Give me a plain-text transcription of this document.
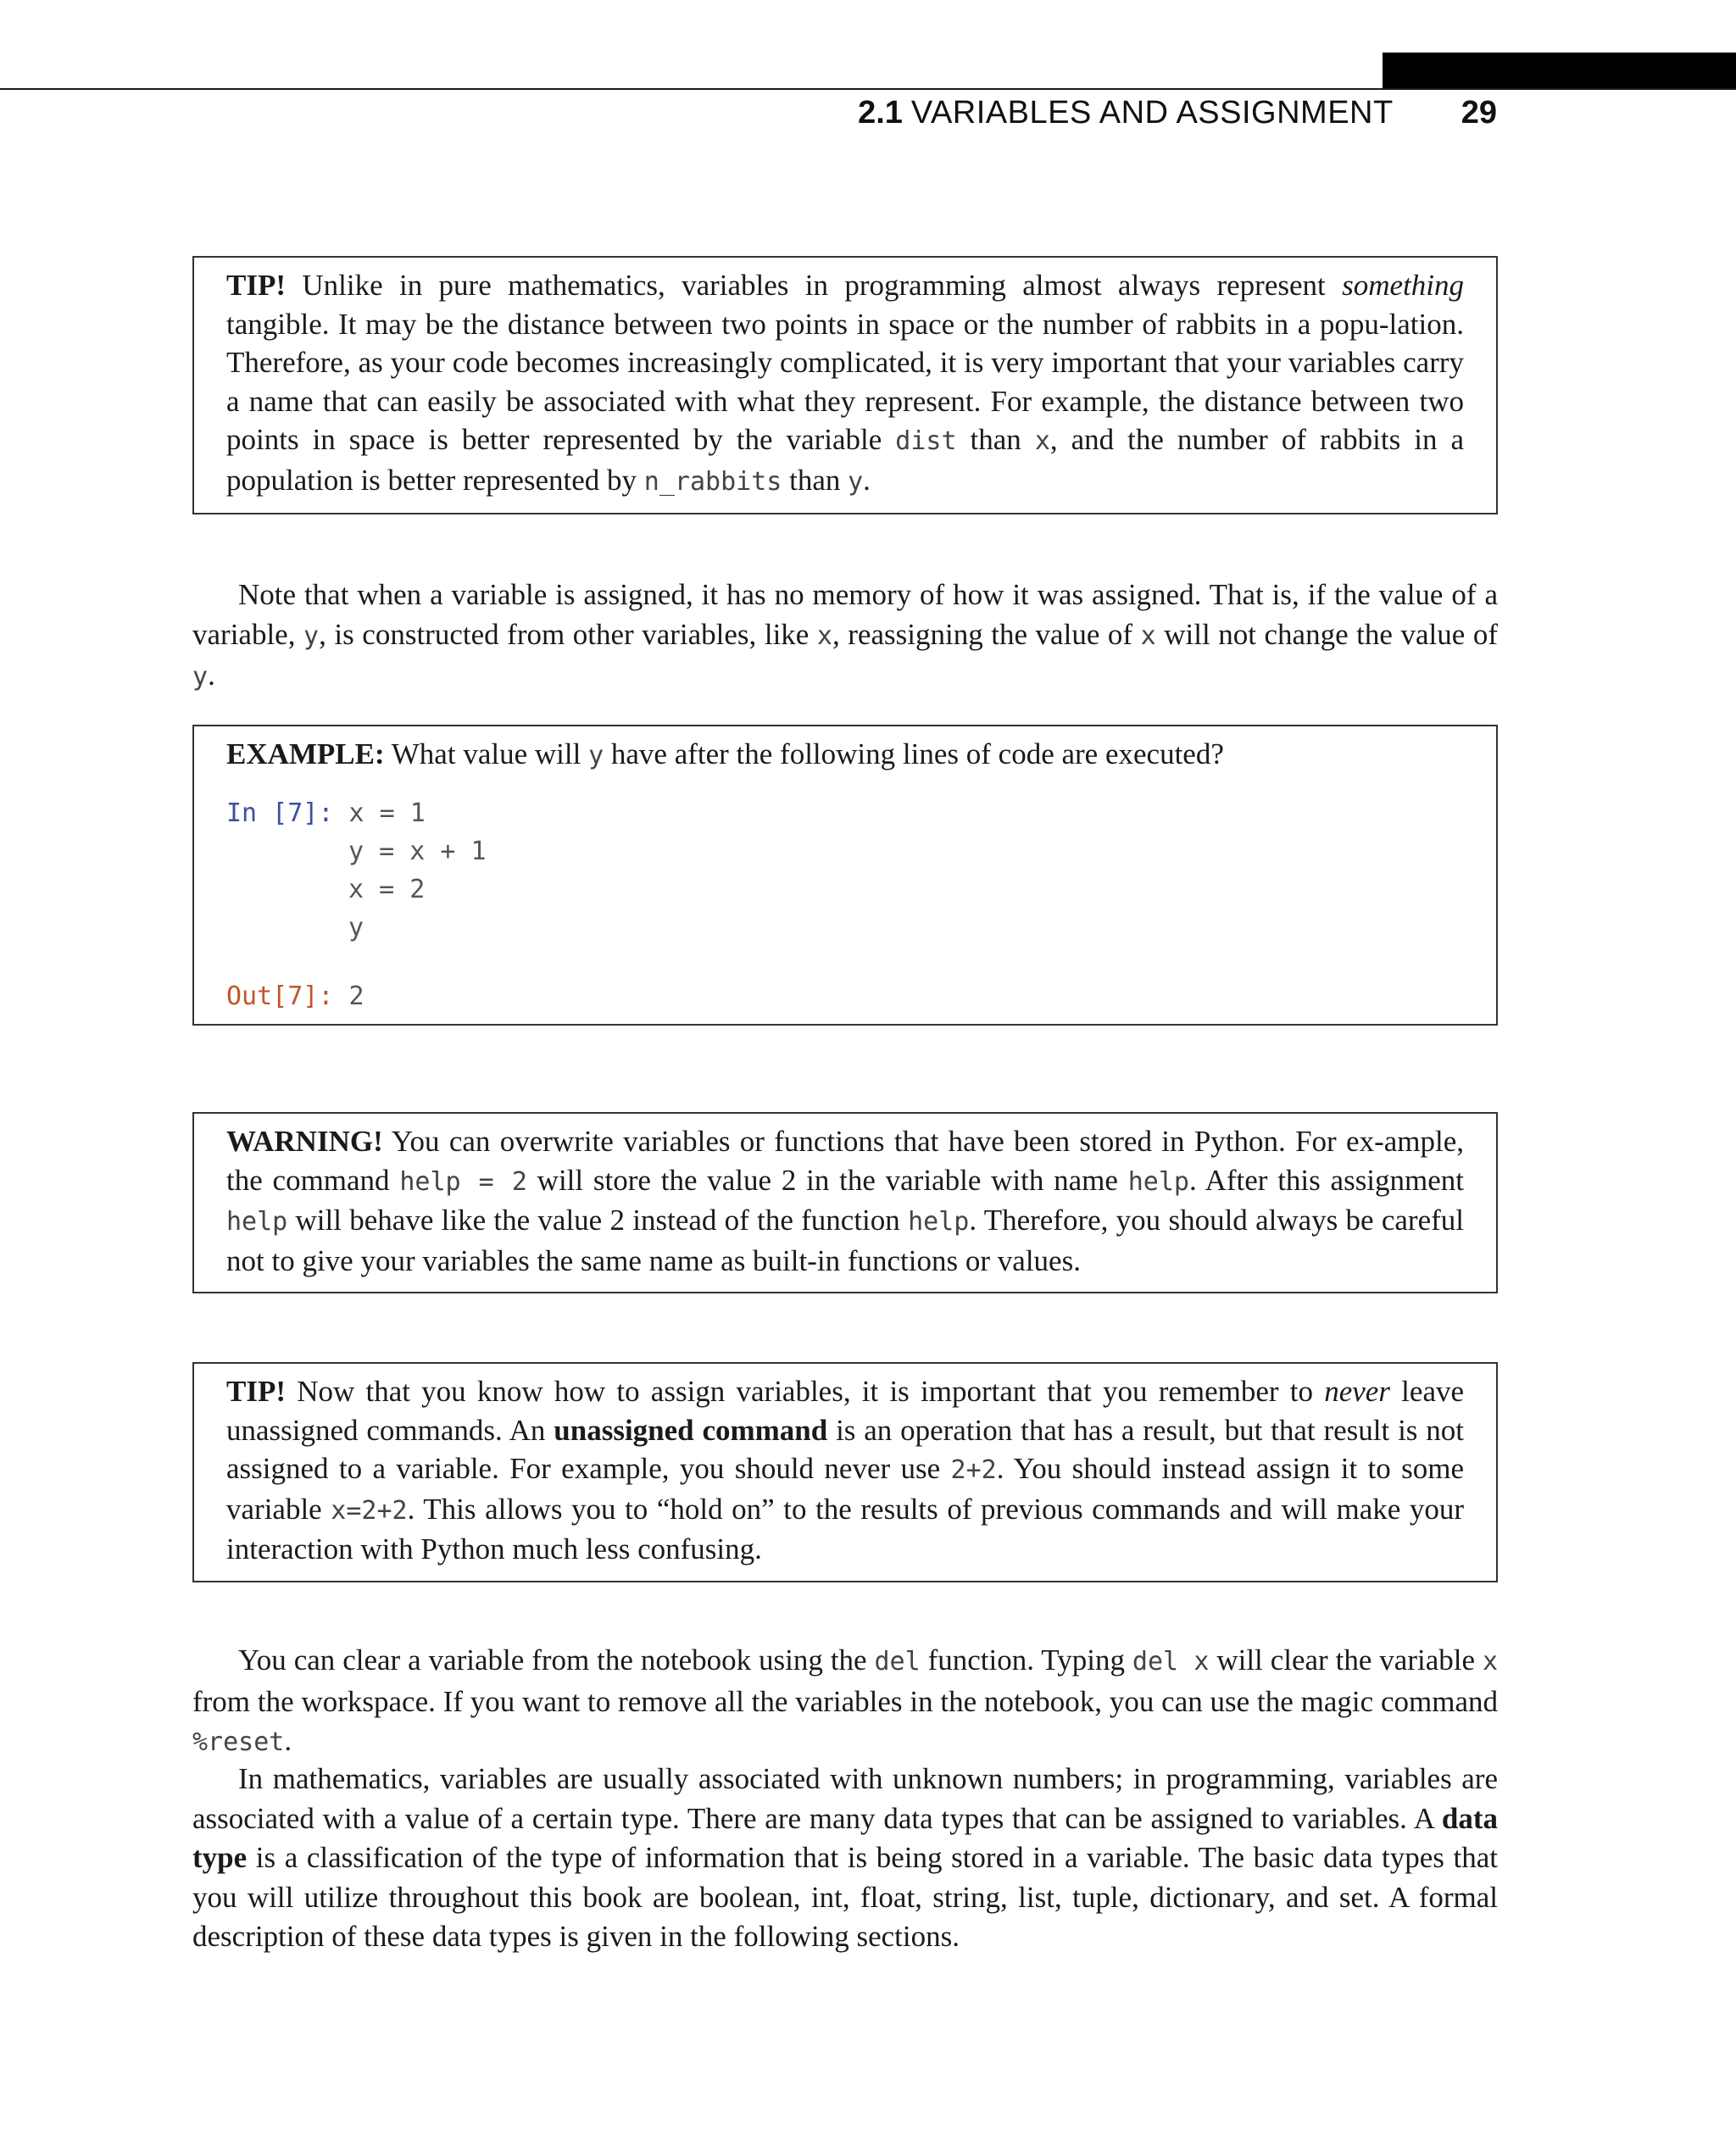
2.1 VARIABLES AND ASSIGNMENT 29

TIP! Unlike in pure mathematics, variables in programming almost always represent something tangible. It may be the distance between two points in space or the number of rabbits in a popu-lation. Therefore, as your code becomes increasingly complicated, it is very important that your variables carry a name that can easily be associated with what they represent. For example, the distance between two points in space is better represented by the variable dist than x, and the number of rabbits in a population is better represented by n_rabbits than y.

Note that when a variable is assigned, it has no memory of how it was assigned. That is, if the value of a variable, y, is constructed from other variables, like x, reassigning the value of x will not change the value of y.

EXAMPLE: What value will y have after the following lines of code are executed?

In [7]: x = 1
y = x + 1
x = 2
y
Out[7]: 2

WARNING! You can overwrite variables or functions that have been stored in Python. For ex-ample, the command help = 2 will store the value 2 in the variable with name help. After this assignment help will behave like the value 2 instead of the function help. Therefore, you should always be careful not to give your variables the same name as built-in functions or values.

TIP! Now that you know how to assign variables, it is important that you remember to never leave unassigned commands. An unassigned command is an operation that has a result, but that result is not assigned to a variable. For example, you should never use 2+2. You should instead assign it to some variable x=2+2. This allows you to “hold on” to the results of previous commands and will make your interaction with Python much less confusing.

You can clear a variable from the notebook using the del function. Typing del x will clear the variable x from the workspace. If you want to remove all the variables in the notebook, you can use the magic command %reset.

In mathematics, variables are usually associated with unknown numbers; in programming, variables are associated with a value of a certain type. There are many data types that can be assigned to variables. A data type is a classification of the type of information that is being stored in a variable. The basic data types that you will utilize throughout this book are boolean, int, float, string, list, tuple, dictionary, and set. A formal description of these data types is given in the following sections.
